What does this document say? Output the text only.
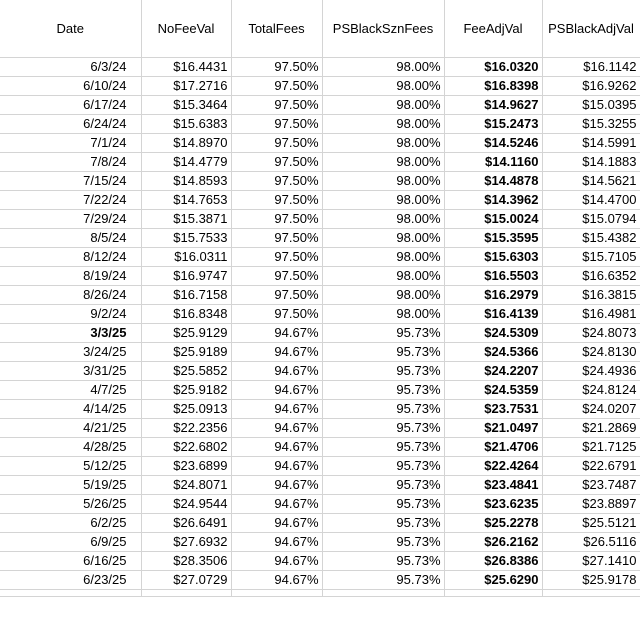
Date	NoFeeVal	TotalFees	PSBlackSznFees	FeeAdjVal	PSBlackAdjVal
6/3/24	$16.4431	97.50%	98.00%	$16.0320	$16.1142
6/10/24	$17.2716	97.50%	98.00%	$16.8398	$16.9262
6/17/24	$15.3464	97.50%	98.00%	$14.9627	$15.0395
6/24/24	$15.6383	97.50%	98.00%	$15.2473	$15.3255
7/1/24	$14.8970	97.50%	98.00%	$14.5246	$14.5991
7/8/24	$14.4779	97.50%	98.00%	$14.1160	$14.1883
7/15/24	$14.8593	97.50%	98.00%	$14.4878	$14.5621
7/22/24	$14.7653	97.50%	98.00%	$14.3962	$14.4700
7/29/24	$15.3871	97.50%	98.00%	$15.0024	$15.0794
8/5/24	$15.7533	97.50%	98.00%	$15.3595	$15.4382
8/12/24	$16.0311	97.50%	98.00%	$15.6303	$15.7105
8/19/24	$16.9747	97.50%	98.00%	$16.5503	$16.6352
8/26/24	$16.7158	97.50%	98.00%	$16.2979	$16.3815
9/2/24	$16.8348	97.50%	98.00%	$16.4139	$16.4981
3/3/25	$25.9129	94.67%	95.73%	$24.5309	$24.8073
3/24/25	$25.9189	94.67%	95.73%	$24.5366	$24.8130
3/31/25	$25.5852	94.67%	95.73%	$24.2207	$24.4936
4/7/25	$25.9182	94.67%	95.73%	$24.5359	$24.8124
4/14/25	$25.0913	94.67%	95.73%	$23.7531	$24.0207
4/21/25	$22.2356	94.67%	95.73%	$21.0497	$21.2869
4/28/25	$22.6802	94.67%	95.73%	$21.4706	$21.7125
5/12/25	$23.6899	94.67%	95.73%	$22.4264	$22.6791
5/19/25	$24.8071	94.67%	95.73%	$23.4841	$23.7487
5/26/25	$24.9544	94.67%	95.73%	$23.6235	$23.8897
6/2/25	$26.6491	94.67%	95.73%	$25.2278	$25.5121
6/9/25	$27.6932	94.67%	95.73%	$26.2162	$26.5116
6/16/25	$28.3506	94.67%	95.73%	$26.8386	$27.1410
6/23/25	$27.0729	94.67%	95.73%	$25.6290	$25.9178
